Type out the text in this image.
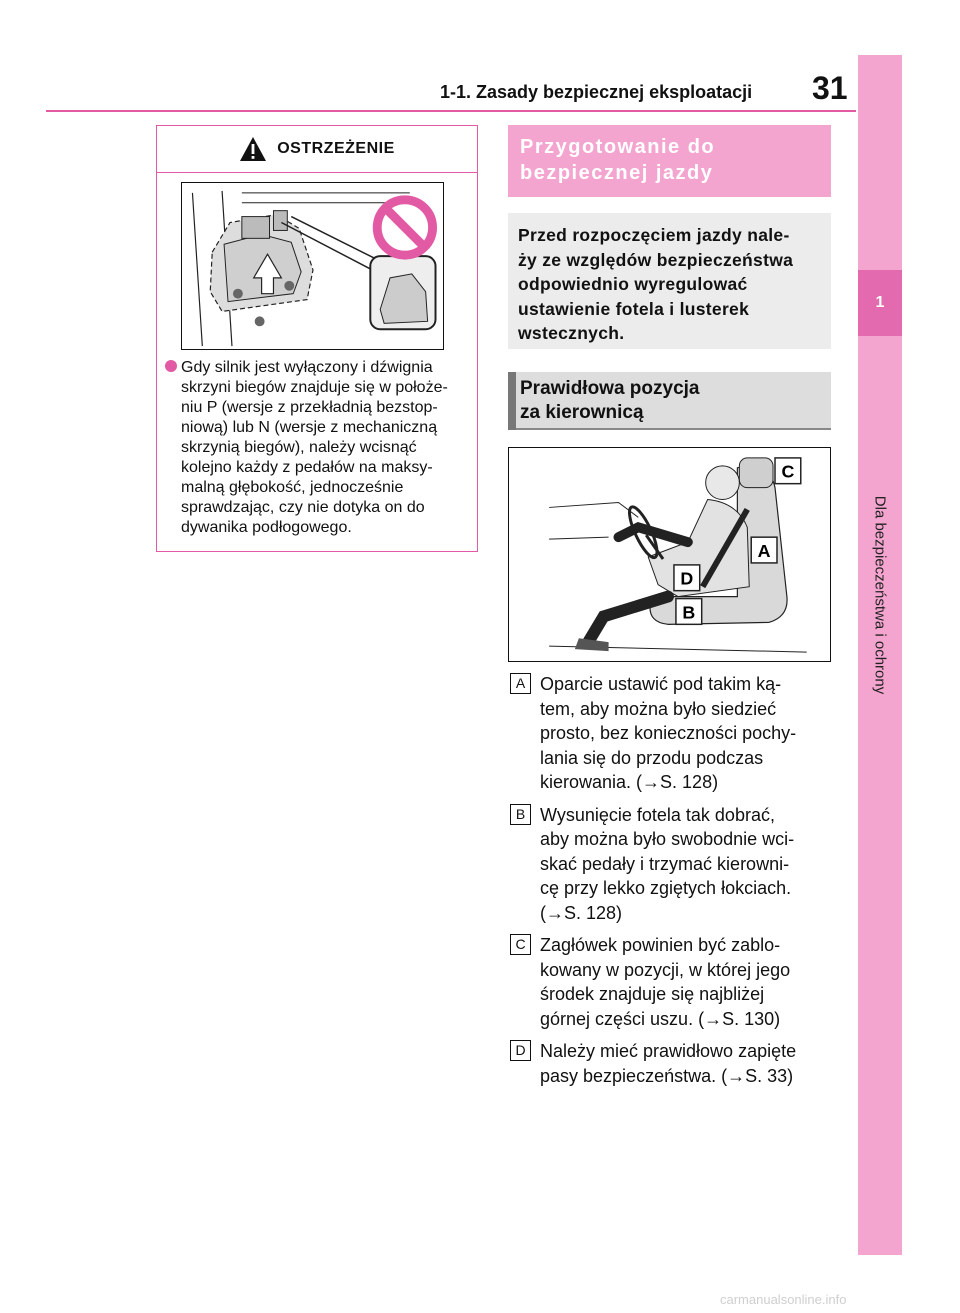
1-1. Zasady bezpiecznej eksploatacji 31
1
Dla bezpieczeństwa i ochrony
OSTRZEŻENIE

Gdy silnik jest wyłączony i dźwignia
skrzyni biegów znajduje się w położe-
niu P (wersje z przekładnią bezstop-
niową) lub N (wersje z mechaniczną
skrzynią biegów), należy wcisnąć
kolejno każdy z pedałów na maksy-
malną głębokość, jednocześnie
sprawdzając, czy nie dotyka on do
dywanika podłogowego.

Przygotowanie do
bezpiecznej jazdy
Przed rozpoczęciem jazdy nale-
ży ze względów bezpieczeństwa
odpowiednio wyregulować
ustawienie fotela i lusterek
wstecznych.
Prawidłowa pozycja
za kierownicą
C
A
D
B
A Oparcie ustawić pod takim ką-
tem, aby można było siedzieć
prosto, bez konieczności pochy-
lania się do przodu podczas
kierowania. (→S. 128)

B Wysunięcie fotela tak dobrać,
aby można było swobodnie wci-
skać pedały i trzymać kierowni-
cę przy lekko zgiętych łokciach.
(→S. 128)

C Zagłówek powinien być zablo-
kowany w pozycji, w której jego
środek znajduje się najbliżej
górnej części uszu. (→S. 130)

D Należy mieć prawidłowo zapięte
pasy bezpieczeństwa. (→S. 33)

carmanualsonline.info
